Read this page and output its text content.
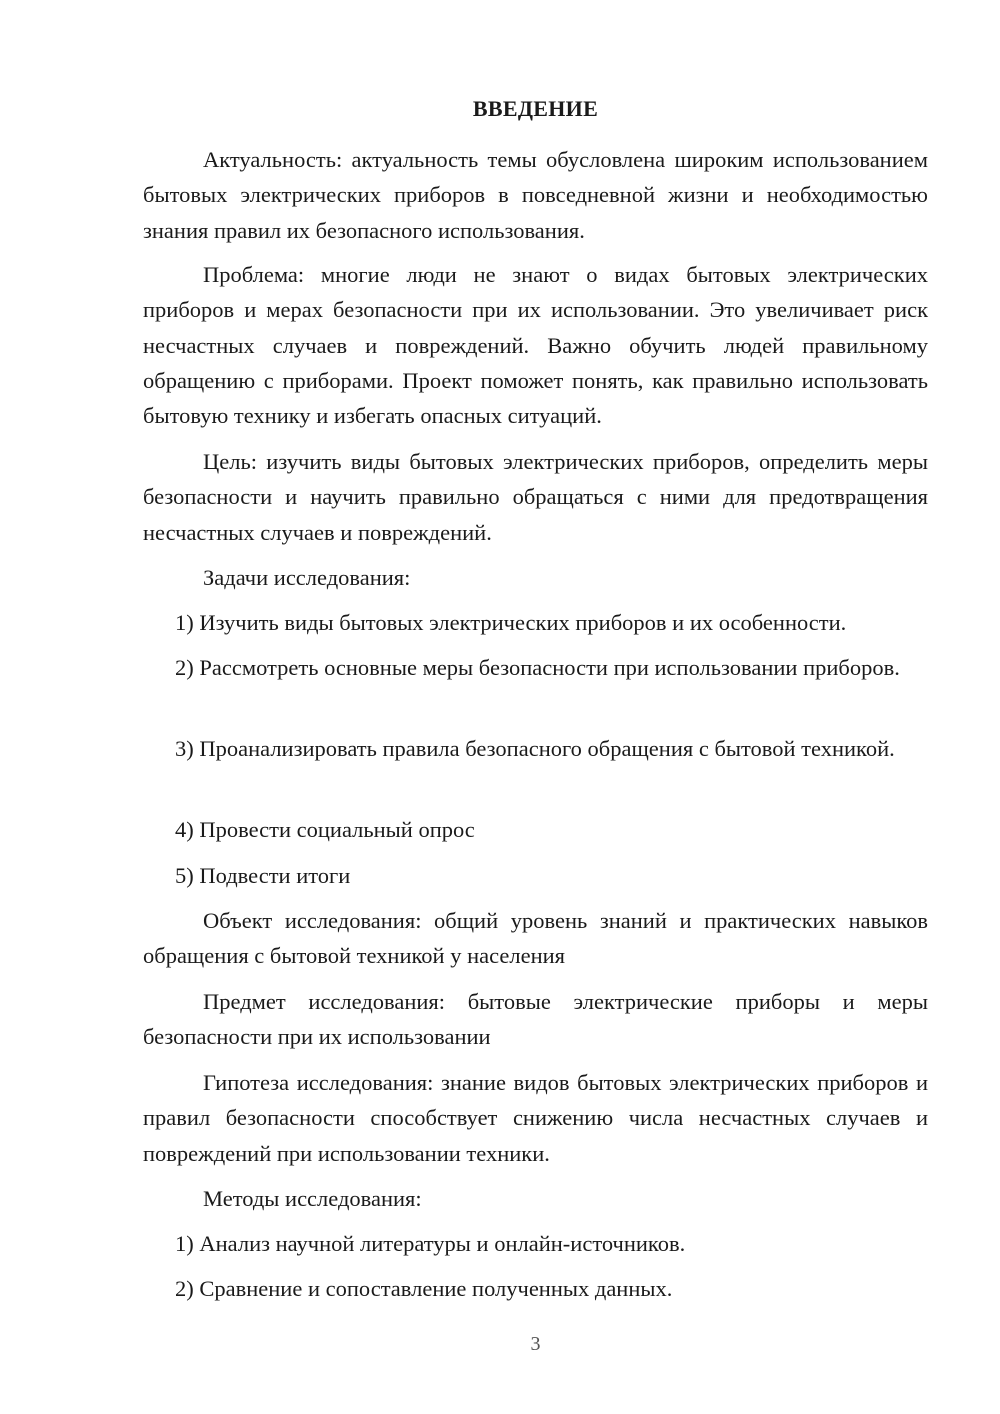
ВВЕДЕНИЕ

Актуальность: актуальность темы обусловлена широким использованием бытовых электрических приборов в повседневной жизни и необходимостью знания правил их безопасного использования.

Проблема: многие люди не знают о видах бытовых электрических приборов и мерах безопасности при их использовании. Это увеличивает риск несчастных случаев и повреждений. Важно обучить людей правильному обращению с приборами. Проект поможет понять, как правильно использовать бытовую технику и избегать опасных ситуаций.

Цель: изучить виды бытовых электрических приборов, определить меры безопасности и научить правильно обращаться с ними для предотвращения несчастных случаев и повреждений.

Задачи исследования:

1) Изучить виды бытовых электрических приборов и их особенности.

2) Рассмотреть основные меры безопасности при использовании приборов.

3) Проанализировать правила безопасного обращения с бытовой техникой.

4) Провести социальный опрос

5) Подвести итоги

Объект исследования: общий уровень знаний и практических навыков обращения с бытовой техникой у населения

Предмет исследования: бытовые электрические приборы и меры безопасности при их использовании

Гипотеза исследования: знание видов бытовых электрических приборов и правил безопасности способствует снижению числа несчастных случаев и повреждений при использовании техники.

Методы исследования:

1) Анализ научной литературы и онлайн-источников.

2) Сравнение и сопоставление полученных данных.

3
